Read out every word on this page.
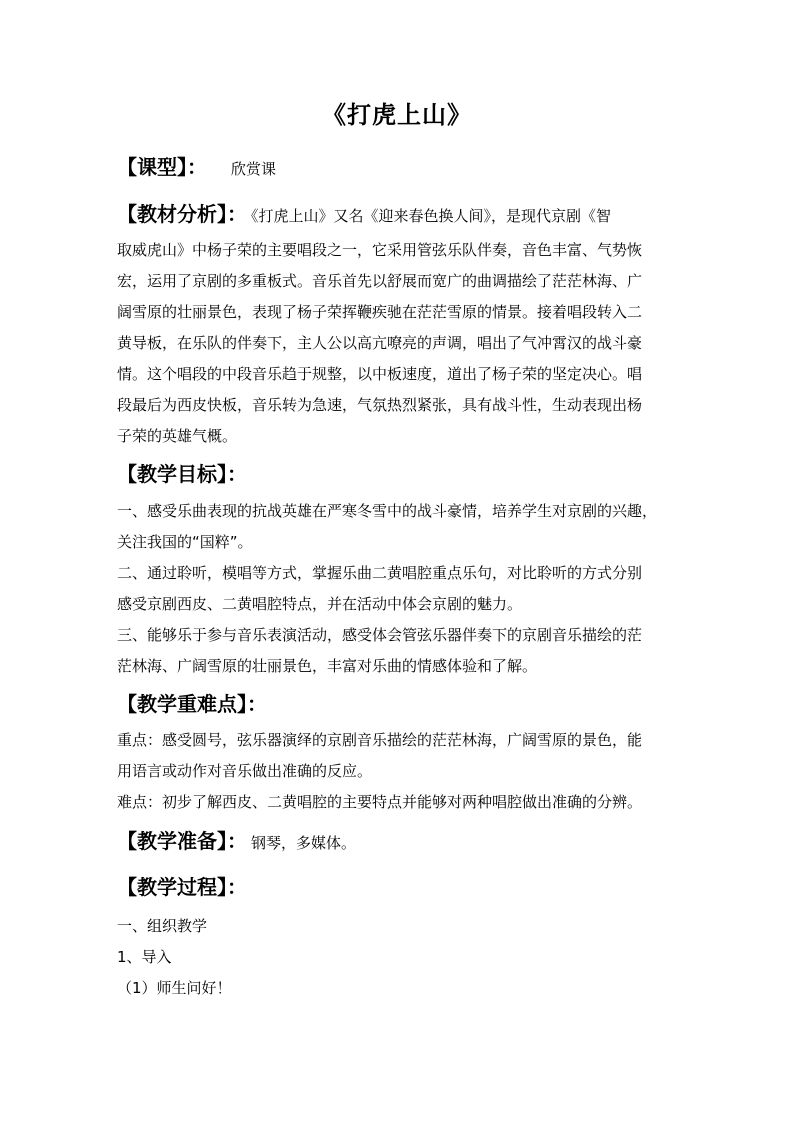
《打虎上山》
【课型】： 欣赏课
【教材分析】： 《打虎上山》又名《迎来春色换人间》，是现代京剧《智
取威虎山》中杨子荣的主要唱段之一，它采用管弦乐队伴奏，音色丰富、气势恢
宏，运用了京剧的多重板式。音乐首先以舒展而宽广的曲调描绘了茫茫林海、广
阔雪原的壮丽景色，表现了杨子荣挥鞭疾驰在茫茫雪原的情景。接着唱段转入二
黄导板，在乐队的伴奏下，主人公以高亢嘹亮的声调，唱出了气冲霄汉的战斗豪
情。这个唱段的中段音乐趋于规整，以中板速度，道出了杨子荣的坚定决心。唱
段最后为西皮快板，音乐转为急速，气氛热烈紧张，具有战斗性，生动表现出杨
子荣的英雄气概。
【教学目标】：
一、感受乐曲表现的抗战英雄在严寒冬雪中的战斗豪情，培养学生对京剧的兴趣，
关注我国的“国粹”。
二、通过聆听，模唱等方式，掌握乐曲二黄唱腔重点乐句，对比聆听的方式分别
感受京剧西皮、二黄唱腔特点，并在活动中体会京剧的魅力。
三、能够乐于参与音乐表演活动，感受体会管弦乐器伴奏下的京剧音乐描绘的茫
茫林海、广阔雪原的壮丽景色，丰富对乐曲的情感体验和了解。
【教学重难点】：
重点：感受圆号，弦乐器演绎的京剧音乐描绘的茫茫林海，广阔雪原的景色，能
用语言或动作对音乐做出准确的反应。
难点：初步了解西皮、二黄唱腔的主要特点并能够对两种唱腔做出准确的分辨。
【教学准备】： 钢琴，多媒体。
【教学过程】：
一、组织教学
1、导入
（1）师生问好！
